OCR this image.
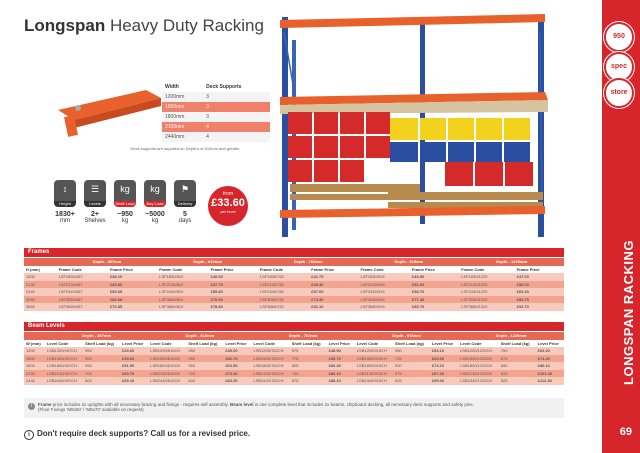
Longspan Heavy Duty Racking
Width	Deck Supports
1200mm	3
1500mm	3
1800mm	3
2100mm	4
2440mm	4
Deck supports are supplied on Depth's of 610mm and greater
↕
Height
☰
Levels
kg
Shelf Load
kg
Bay Load
⚑
Delivery
1830+
mm
2+
Shelves
~950
kg
~5000
kg
5
days
from
£33.60
per level
950
spec
store
LONGSPAN RACKING
69
Frames
	Depth - 457mm		Depth - 610mm		Depth - 762mm		Depth - 915mm		Depth - 1220mm	
H (mm)	Frame Code	Frame Price	Frame Code	Frame Price	Frame Code	Frame Price	Frame Code	Frame Price	Frame Code	Frame Price
1830	LSF1830/457	£38.10	LSF1830/610	£40.60	LSF1830/762	£41.75	LSF1830/915	£43.80	LSF1830/1220	£47.00
2130	LSF2130/457	£45.80	LSF2130/610	£47.75	LSF2130/762	£49.40	LSF2130/915	£52.00	LSF2130/1220	£56.00
2440	LSF2440/457	£53.65	LSF2440/610	£55.80	LSF2440/762	£57.60	LSF2440/915	£58.70	LSF2440/1220	£65.40
3050	LSF3050/457	£66.68	LSF3050/610	£70.90	LSF3050/762	£73.30	LSF3050/915	£77.40	LSF3050/1220	£83.75
3660	LSF3660/457	£76.85	LSF3660/610	£78.80	LSF3660/762	£81.10	LSF3660/915	£85.70	LSF3660/1220	£92.70
Beam Levels
	Depth - 457mm			Depth - 610mm			Depth - 762mm			Depth - 915mm			Depth - 1220mm		
W (mm)	Level Code	Shelf Load (kg)	Level Price	Level Code	Shelf Load (kg)	Level Price	Level Code	Shelf Load (kg)	Level Price	Level Code	Shelf Load (kg)	Level Price	Level Code	Shelf Load (kg)	Level Price
1200	LSB1200/457CH	950	£33.60	LSB1200/610CH	950	£45.00	LSB1200/762CH	975	£48.50	LSB1200/915CH	950	£54.10	LSB1200/1220CH	750	£63.20
1500	LSB1500/457CH	950	£39.60	LSB1500/610CH	950	£52.75	LSB1500/762CH	775	£59.70	LSB1500/915CH	725	£63.60	LSB1500/1220CH	675	£74.25
1800	LSB1800/457CH	950	£51.90	LSB1800/610CH	950	£63.50	LSB1800/762CH	825	£66.40	LSB1800/915CH	900	£74.10	LSB1800/1220CH	690	£86.10
2130	LSB2130/457CH	700	£60.70	LSB2130/610CH	700	£73.30	LSB2130/762CH	700	£80.10	LSB2130/915CH	675	£87.20	LSB2130/1220CH	625	£101.30
2440	LSB2440/457CH	600	£69.10	LSB2440/610CH	600	£83.30	LSB2440/762CH	575	£88.10	LSB2440/915CH	525	£95.00	LSB2440/1220CH	525	£112.30
i	Frame price includes 2x uprights with all necessary bracing and fixings - requires self assembly. Beam level is one complete level that includes 2x beams, chipboard decking, all necessary deck supports and safety pins.
(Floor Fixings 'M8x50' / 'M8x70' available on request)
i Don't require deck supports? Call us for a revised price.
